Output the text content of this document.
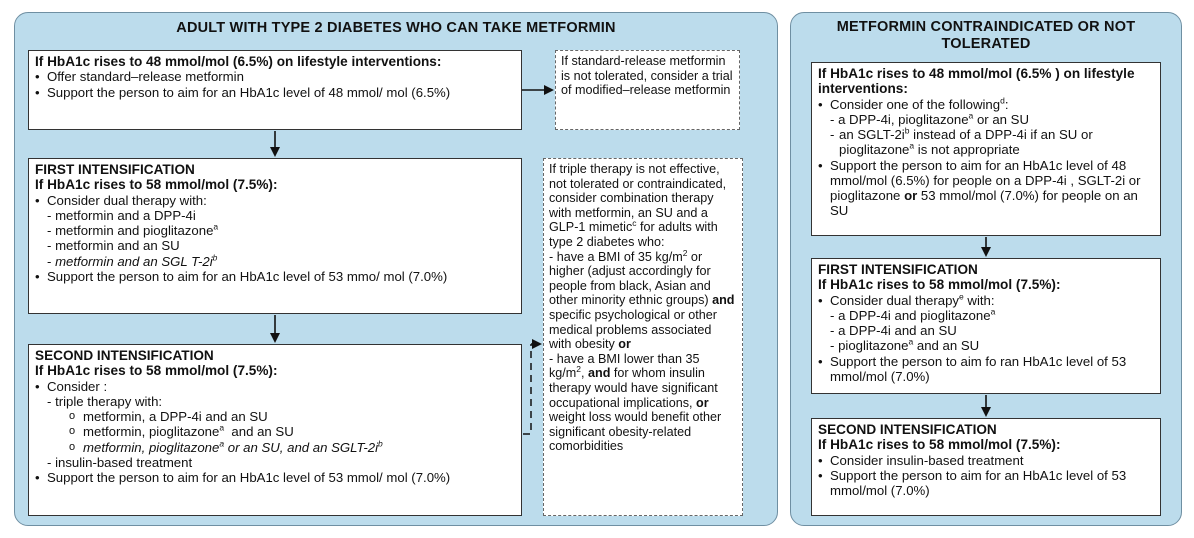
ADULT WITH TYPE 2 DIABETES WHO CAN TAKE METFORMIN	METFORMIN CONTRAINDICATED OR NOT TOLERATED
If HbA1c rises to 48 mmol/mol (6.5%) on lifestyle interventions:
• Offer standard–release metformin
• Support the person to aim for an HbA1c level of 48 mmol/ mol (6.5%)
If standard-release metformin is not tolerated, consider a trial of modified–release metformin
FIRST INTENSIFICATION
If HbA1c rises to 58 mmol/mol (7.5%):
• Consider dual therapy with:
- metformin and a DPP-4i
- metformin and pioglitazone$^a$
- metformin and an SU
- metformin and an SGL $T-2i^b$
• Support the person to aim for an HbA1c level of 53 mmo/ mol (7.0%)
SECOND INTENSIFICATION
If HbA1c rises to 58 mmol/mol (7.5%):
• Consider :
- triple therapy with:
o metformin, a DPP-4i and an SU
o metformin, pioglitazone$^a$ and an SU
o metformin, pioglitazone$^a$ or an SU, and an SGLT-$2i^b$
- insulin-based treatment
• Support the person to aim for an HbA1c level of 53 mmol/ mol (7.0%)
If triple therapy is not effective, not tolerated or contraindicated, consider combination therapy with metformin, an SU and a GLP-1 mimetic$^c$ for adults with type 2 diabetes who:
- have a BMI of 35 $kg/m^2$ or higher (adjust accordingly for people from black, Asian and other minority ethnic groups) and specific psychological or other medical problems associated with obesity or
- have a BMI lower than 35 $kg/m^2$, and for whom insulin therapy would have significant occupational implications, or weight loss would benefit other significant obesity-related comorbidities
If HbA1c rises to 48 mmol/mol (6.5% ) on lifestyle interventions:
• Consider one of the following$^d$:
- a DPP-4i, pioglitazone$^a$ or an SU
- an SGLT-$2i^b$ instead of a DPP-4i if an SU or pioglitazone$^a$ is not appropriate
• Support the person to aim for an HbA1c level of 48 mmol/mol (6.5%) for people on a DPP-4i , SGLT-2i or pioglitazone or 53 mmol/mol (7.0%) for people on an SU
FIRST INTENSIFICATION
If HbA1c rises to 58 mmol/mol (7.5%):
• Consider dual therapy$^e$ with:
- a DPP-4i and pioglitazone$^a$
- a DPP-4i and an SU
- pioglitazone$^a$ and an SU
• Support the person to aim fo ran HbA1c level of 53 mmol/mol (7.0%)
SECOND INTENSIFICATION
If HbA1c rises to 58 mmol/mol (7.5%):
• Consider insulin-based treatment
• Support the person to aim for an HbA1c level of 53 mmol/mol (7.0%)
